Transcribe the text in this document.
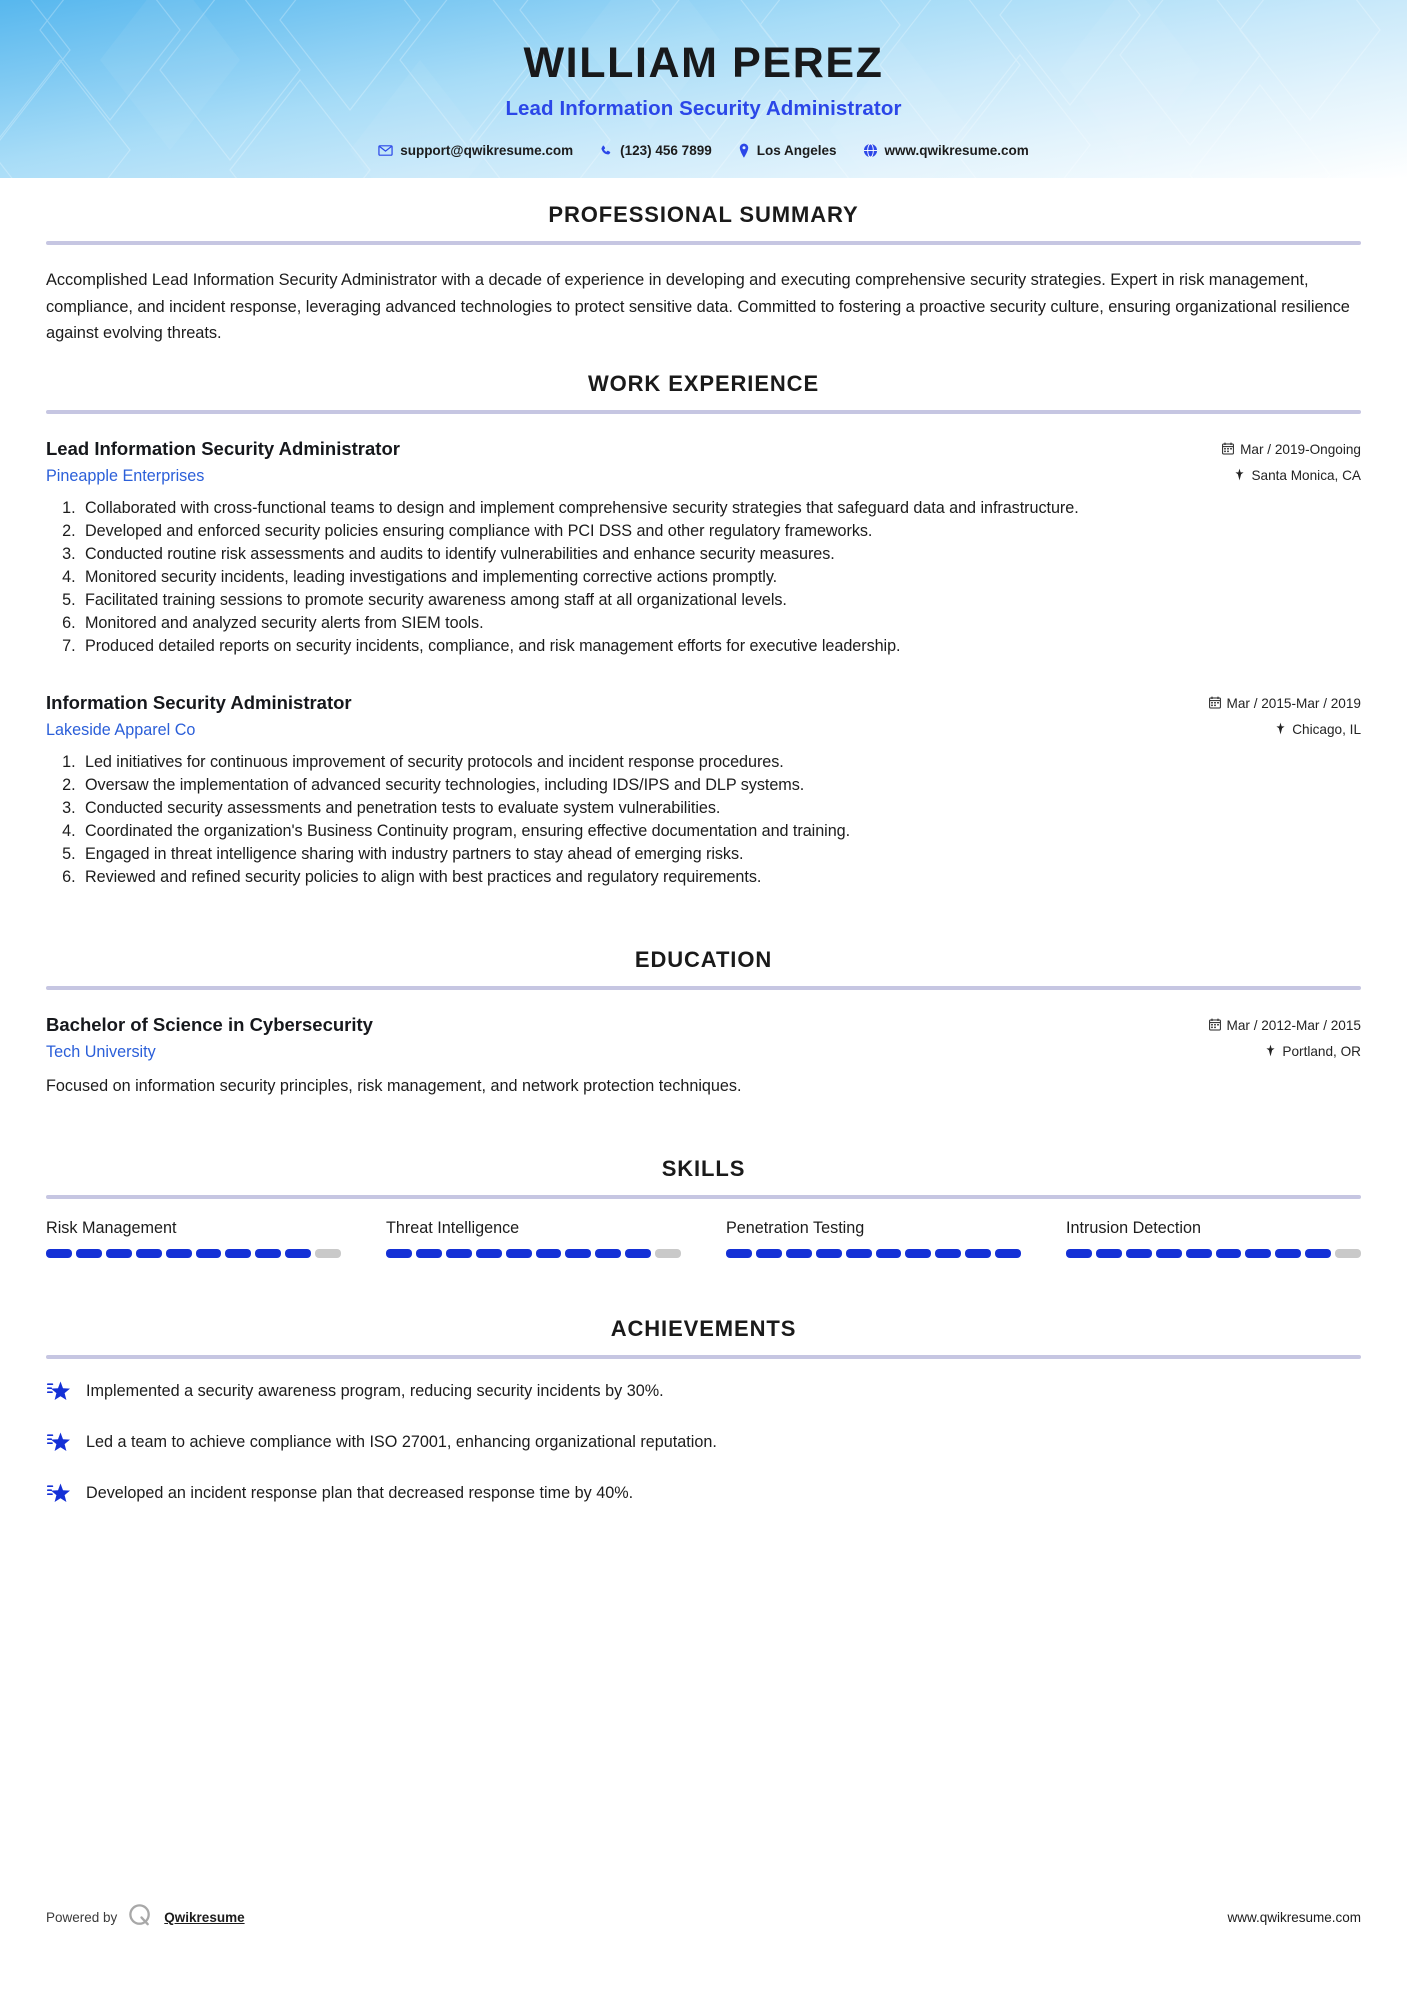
WILLIAM PEREZ
Lead Information Security Administrator
support@qwikresume.com	(123) 456 7899	Los Angeles	www.qwikresume.com
PROFESSIONAL SUMMARY

Accomplished Lead Information Security Administrator with a decade of experience in developing and executing comprehensive security strategies. Expert in risk management, compliance, and incident response, leveraging advanced technologies to protect sensitive data. Committed to fostering a proactive security culture, ensuring organizational resilience against evolving threats.

WORK EXPERIENCE
Lead Information Security Administrator	Mar / 2019-Ongoing
Pineapple Enterprises	Santa Monica, CA
1. Collaborated with cross-functional teams to design and implement comprehensive security strategies that safeguard data and infrastructure.
2. Developed and enforced security policies ensuring compliance with PCI DSS and other regulatory frameworks.
3. Conducted routine risk assessments and audits to identify vulnerabilities and enhance security measures.
4. Monitored security incidents, leading investigations and implementing corrective actions promptly.
5. Facilitated training sessions to promote security awareness among staff at all organizational levels.
6. Monitored and analyzed security alerts from SIEM tools.
7. Produced detailed reports on security incidents, compliance, and risk management efforts for executive leadership.
Information Security Administrator	Mar / 2015-Mar / 2019
Lakeside Apparel Co	Chicago, IL
1. Led initiatives for continuous improvement of security protocols and incident response procedures.
2. Oversaw the implementation of advanced security technologies, including IDS/IPS and DLP systems.
3. Conducted security assessments and penetration tests to evaluate system vulnerabilities.
4. Coordinated the organization's Business Continuity program, ensuring effective documentation and training.
5. Engaged in threat intelligence sharing with industry partners to stay ahead of emerging risks.
6. Reviewed and refined security policies to align with best practices and regulatory requirements.
EDUCATION
Bachelor of Science in Cybersecurity	Mar / 2012-Mar / 2015
Tech University	Portland, OR

Focused on information security principles, risk management, and network protection techniques.

SKILLS
Risk Management	Threat Intelligence	Penetration Testing	Intrusion Detection
ACHIEVEMENTS
Implemented a security awareness program, reducing security incidents by 30%.
Led a team to achieve compliance with ISO 27001, enhancing organizational reputation.
Developed an incident response plan that decreased response time by 40%.
Powered by	Qwikresume	www.qwikresume.com
